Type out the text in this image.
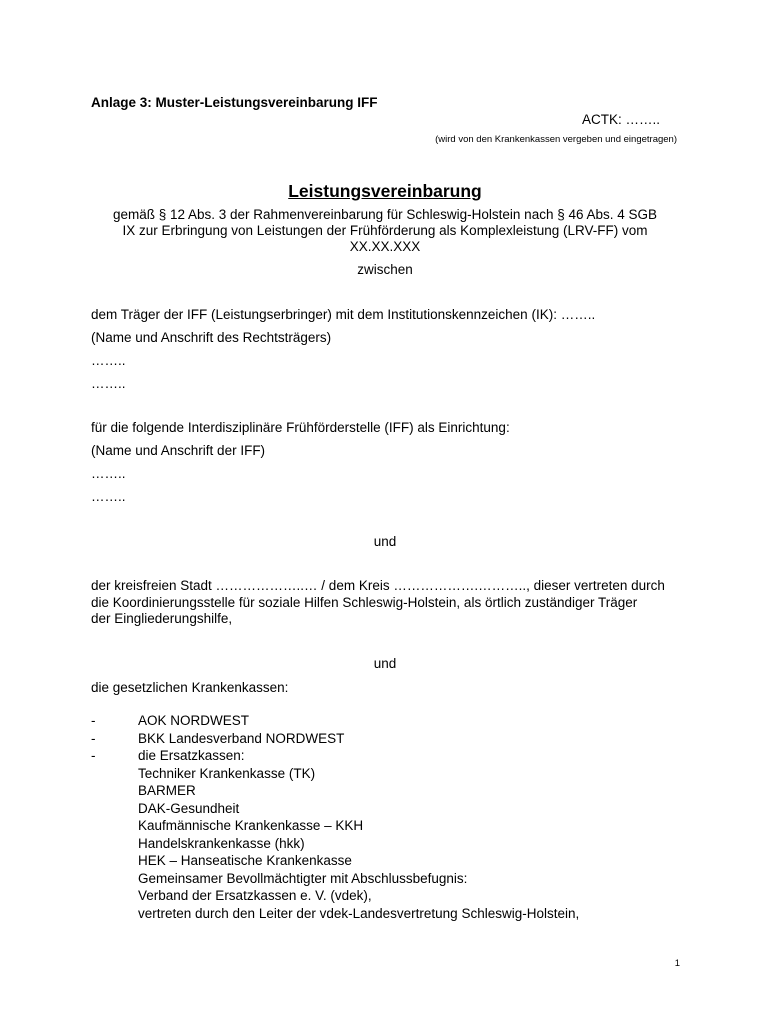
Anlage 3: Muster-Leistungsvereinbarung IFF
ACTK: ……..
(wird von den Krankenkassen vergeben und eingetragen)
Leistungsvereinbarung
gemäß § 12 Abs. 3 der Rahmenvereinbarung für Schleswig-Holstein nach § 46 Abs. 4 SGB
IX zur Erbringung von Leistungen der Frühförderung als Komplexleistung (LRV-FF) vom
XX.XX.XXX
zwischen
dem Träger der IFF (Leistungserbringer) mit dem Institutionskennzeichen (IK): ……..
(Name und Anschrift des Rechtsträgers)
……..
……..
für die folgende Interdisziplinäre Frühförderstelle (IFF) als Einrichtung:
(Name und Anschrift der IFF)
……..
……..
und
der kreisfreien Stadt ………………..… / dem Kreis ……………….……….., dieser vertreten durch
die Koordinierungsstelle für soziale Hilfen Schleswig-Holstein, als örtlich zuständiger Träger
der Eingliederungshilfe,
und
die gesetzlichen Krankenkassen:
-	AOK NORDWEST
-	BKK Landesverband NORDWEST
-	die Ersatzkassen:
Techniker Krankenkasse (TK)
BARMER
DAK-Gesundheit
Kaufmännische Krankenkasse – KKH
Handelskrankenkasse (hkk)
HEK – Hanseatische Krankenkasse
Gemeinsamer Bevollmächtigter mit Abschlussbefugnis:
Verband der Ersatzkassen e. V. (vdek),
vertreten durch den Leiter der vdek-Landesvertretung Schleswig-Holstein,
1
